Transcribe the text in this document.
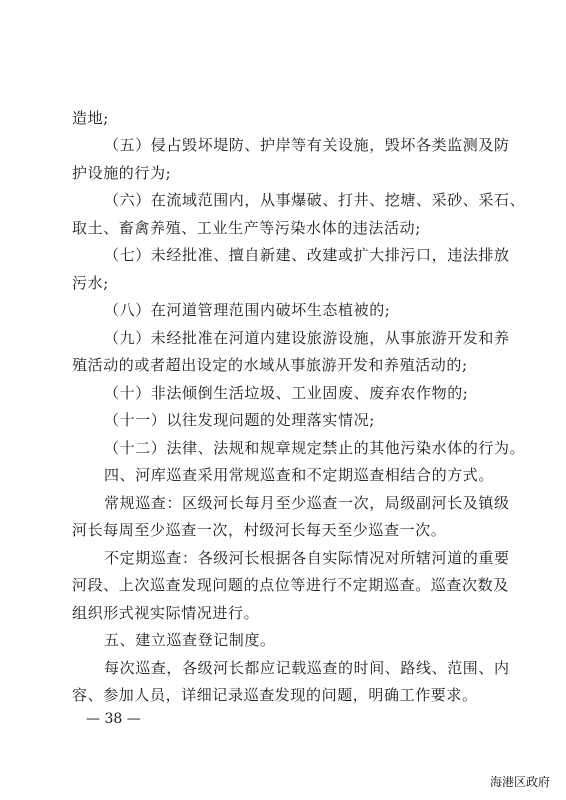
造地;
（五）侵占毁坏堤防、护岸等有关设施，毁坏各类监测及防
护设施的行为;
（六）在流域范围内，从事爆破、打井、挖塘、采砂、采石、
取土、畜禽养殖、工业生产等污染水体的违法活动;
（七）未经批准、擅自新建、改建或扩大排污口，违法排放
污水;
（八）在河道管理范围内破坏生态植被的;
（九）未经批准在河道内建设旅游设施，从事旅游开发和养
殖活动的或者超出设定的水域从事旅游开发和养殖活动的;
（十）非法倾倒生活垃圾、工业固废、废弃农作物的;
（十一）以往发现问题的处理落实情况;
（十二）法律、法规和规章规定禁止的其他污染水体的行为。
四、河库巡查采用常规巡查和不定期巡查相结合的方式。
常规巡查：区级河长每月至少巡查一次，局级副河长及镇级
河长每周至少巡查一次，村级河长每天至少巡查一次。
不定期巡查：各级河长根据各自实际情况对所辖河道的重要
河段、上次巡查发现问题的点位等进行不定期巡查。巡查次数及
组织形式视实际情况进行。
五、建立巡查登记制度。
每次巡查，各级河长都应记载巡查的时间、路线、范围、内
容、参加人员，详细记录巡查发现的问题，明确工作要求。
— 38 —
海港区政府
